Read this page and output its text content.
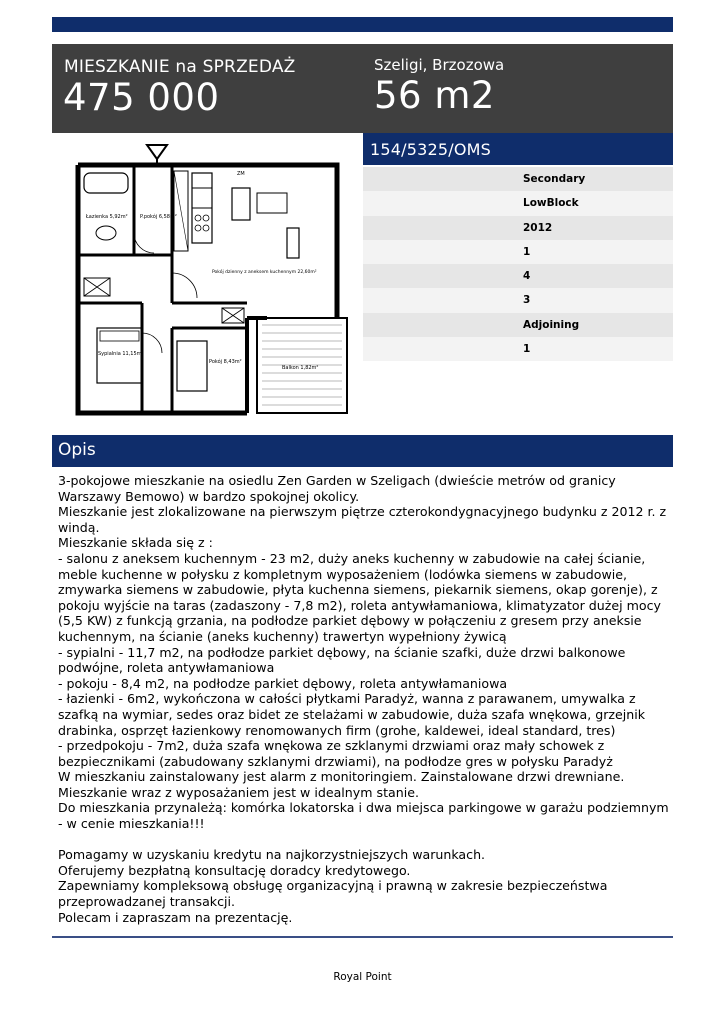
MIESZKANIE na SPRZEDAŻ
475 000
Szeligi, Brzozowa
56 m2
Łazienka 5,92m² P.pokój 6,58m²
Pokój dzienny z aneksem kuchennym 22,60m²
Sypialnia 11,15m²
Pokój 8,43m²
Balkon 1,82m²
ZM
154/5325/OMS
Secondary
LowBlock
2012
1
4
3
Adjoining
1
Opis
3-pokojowe mieszkanie na osiedlu Zen Garden w Szeligach (dwieście metrów od granicy Warszawy Bemowo) w bardzo spokojnej okolicy.
Mieszkanie jest zlokalizowane na pierwszym piętrze czterokondygnacyjnego budynku z 2012 r. z windą.
Mieszkanie składa się z :
- salonu z aneksem kuchennym - 23 m2, duży aneks kuchenny w zabudowie na całej ścianie, meble kuchenne w połysku z kompletnym wyposażeniem (lodówka siemens w zabudowie, zmywarka siemens w zabudowie, płyta kuchenna siemens, piekarnik siemens, okap gorenje), z pokoju wyjście na taras (zadaszony - 7,8 m2), roleta antywłamaniowa, klimatyzator dużej mocy (5,5 KW) z funkcją grzania, na podłodze parkiet dębowy w połączeniu z gresem przy aneksie kuchennym, na ścianie (aneks kuchenny) trawertyn wypełniony żywicą
- sypialni - 11,7 m2, na podłodze parkiet dębowy, na ścianie szafki, duże drzwi balkonowe podwójne, roleta antywłamaniowa
- pokoju - 8,4 m2, na podłodze parkiet dębowy, roleta antywłamaniowa
- łazienki - 6m2, wykończona w całości płytkami Paradyż, wanna z parawanem, umywalka z szafką na wymiar, sedes oraz bidet ze stelażami w zabudowie, duża szafa wnękowa, grzejnik drabinka, osprzęt łazienkowy renomowanych firm (grohe, kaldewei, ideal standard, tres)
- przedpokoju - 7m2, duża szafa wnękowa ze szklanymi drzwiami oraz mały schowek z bezpiecznikami (zabudowany szklanymi drzwiami), na podłodze gres w połysku Paradyż
W mieszkaniu zainstalowany jest alarm z monitoringiem. Zainstalowane drzwi drewniane.
Mieszkanie wraz z wyposażaniem jest w idealnym stanie.
Do mieszkania przynależą: komórka lokatorska i dwa miejsca parkingowe w garażu podziemnym - w cenie mieszkania!!!

Pomagamy w uzyskaniu kredytu na najkorzystniejszych warunkach.
Oferujemy bezpłatną konsultację doradcy kredytowego.
Zapewniamy kompleksową obsługę organizacyjną i prawną w zakresie bezpieczeństwa przeprowadzanej transakcji.
Polecam i zapraszam na prezentację.
Royal Point
